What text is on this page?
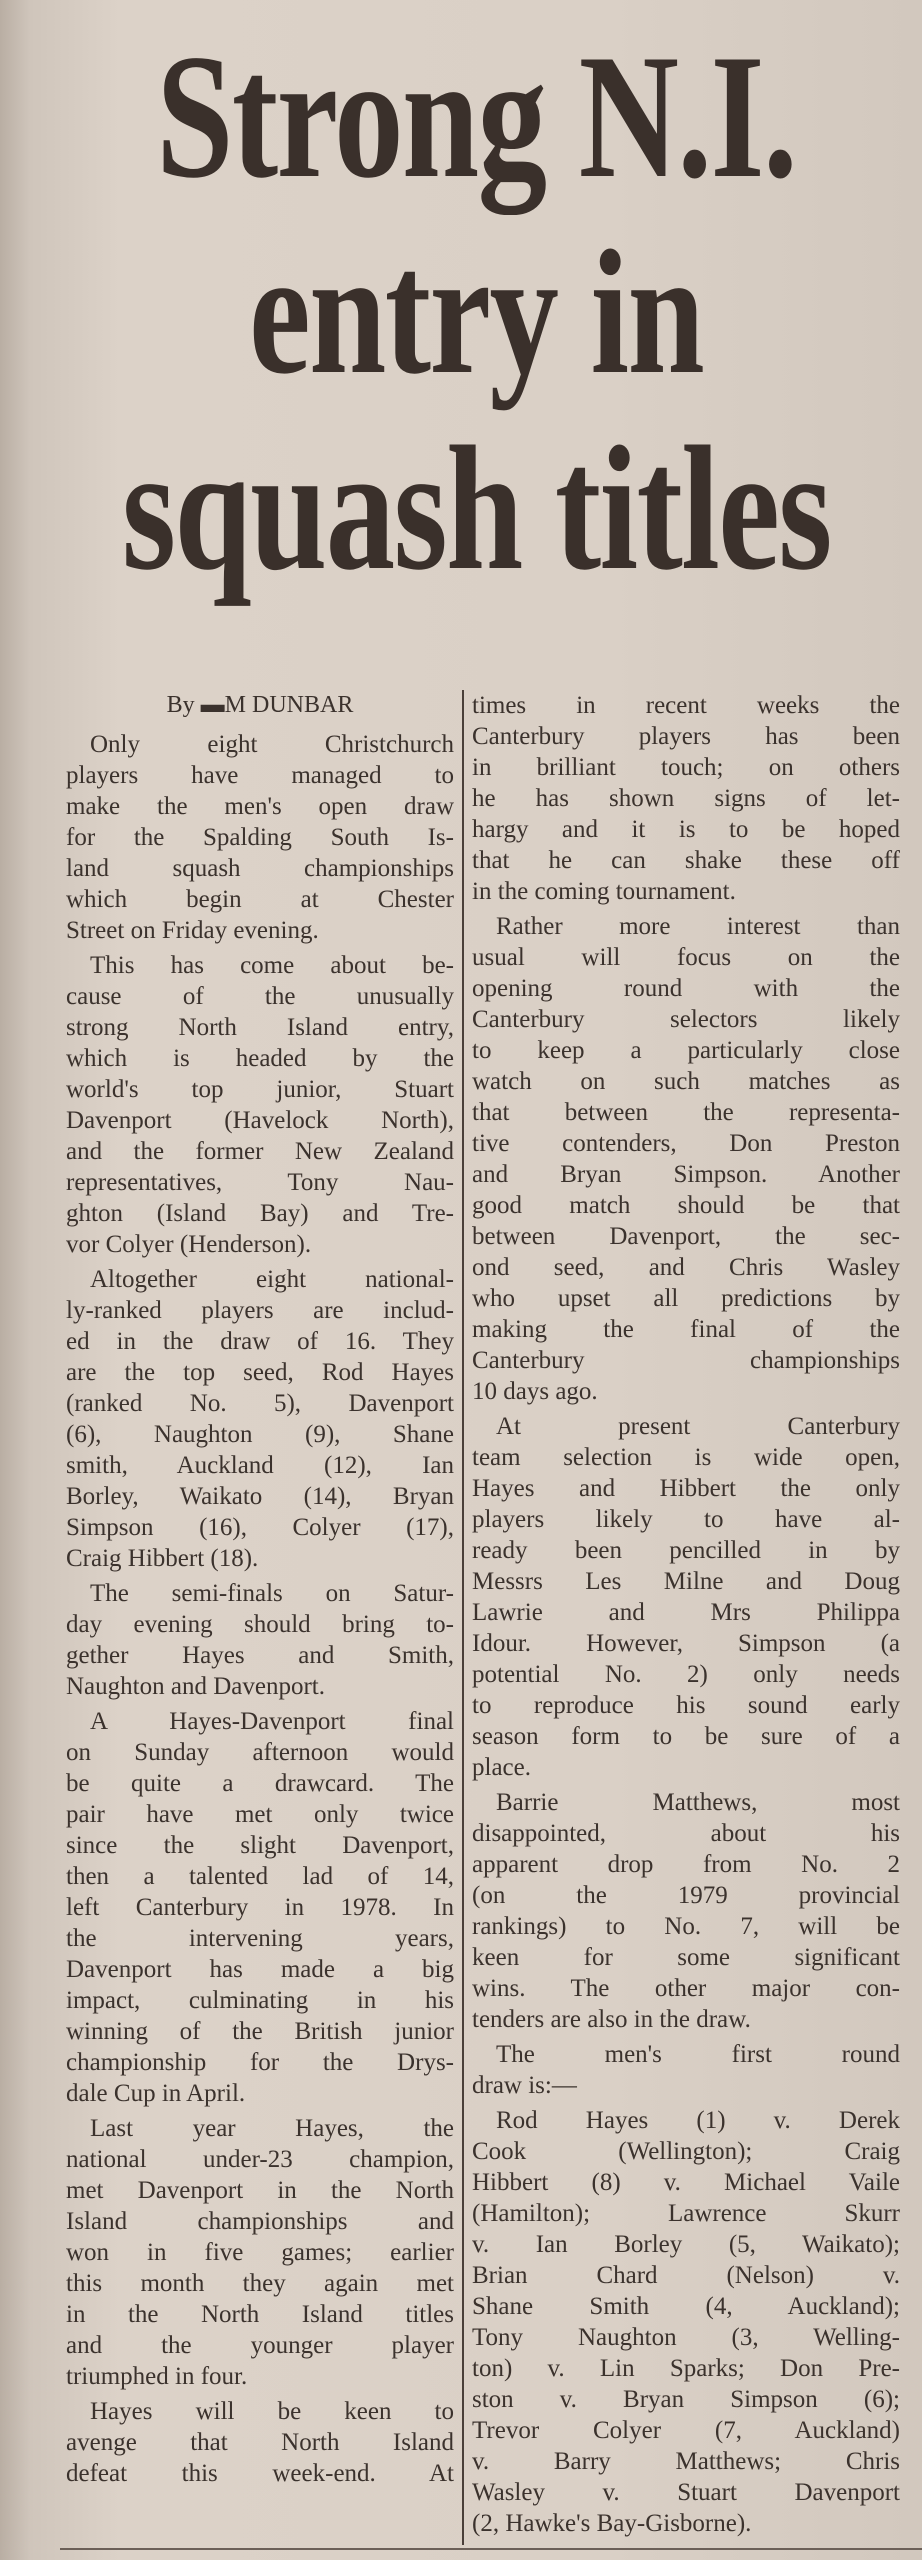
Strong N.I.
entry in
squash titles
By ▬M DUNBAR
Only eight Christchurch
players have managed to
make the men's open draw
for the Spalding South Is-
land squash championships
which begin at Chester
Street on Friday evening.
This has come about be-
cause of the unusually
strong North Island entry,
which is headed by the
world's top junior, Stuart
Davenport (Havelock North),
and the former New Zealand
representatives, Tony Nau-
ghton (Island Bay) and Tre-
vor Colyer (Henderson).
Altogether eight national-
ly-ranked players are includ-
ed in the draw of 16. They
are the top seed, Rod Hayes
(ranked No. 5), Davenport
(6), Naughton (9), Shane
smith, Auckland (12), Ian
Borley, Waikato (14), Bryan
Simpson (16), Colyer (17),
Craig Hibbert (18).
The semi-finals on Satur-
day evening should bring to-
gether Hayes and Smith,
Naughton and Davenport.
A Hayes-Davenport final
on Sunday afternoon would
be quite a drawcard. The
pair have met only twice
since the slight Davenport,
then a talented lad of 14,
left Canterbury in 1978. In
the intervening years,
Davenport has made a big
impact, culminating in his
winning of the British junior
championship for the Drys-
dale Cup in April.
Last year Hayes, the
national under-23 champion,
met Davenport in the North
Island championships and
won in five games; earlier
this month they again met
in the North Island titles
and the younger player
triumphed in four.
Hayes will be keen to
avenge that North Island
defeat this week-end. At
times in recent weeks the
Canterbury players has been
in brilliant touch; on others
he has shown signs of let-
hargy and it is to be hoped
that he can shake these off
in the coming tournament.
Rather more interest than
usual will focus on the
opening round with the
Canterbury selectors likely
to keep a particularly close
watch on such matches as
that between the representa-
tive contenders, Don Preston
and Bryan Simpson. Another
good match should be that
between Davenport, the sec-
ond seed, and Chris Wasley
who upset all predictions by
making the final of the
Canterbury championships
10 days ago.
At present Canterbury
team selection is wide open,
Hayes and Hibbert the only
players likely to have al-
ready been pencilled in by
Messrs Les Milne and Doug
Lawrie and Mrs Philippa
Idour. However, Simpson (a
potential No. 2) only needs
to reproduce his sound early
season form to be sure of a
place.
Barrie Matthews, most
disappointed, about his
apparent drop from No. 2
(on the 1979 provincial
rankings) to No. 7, will be
keen for some significant
wins. The other major con-
tenders are also in the draw.
The men's first round
draw is:—
Rod Hayes (1) v. Derek
Cook (Wellington); Craig
Hibbert (8) v. Michael Vaile
(Hamilton); Lawrence Skurr
v. Ian Borley (5, Waikato);
Brian Chard (Nelson) v.
Shane Smith (4, Auckland);
Tony Naughton (3, Welling-
ton) v. Lin Sparks; Don Pre-
ston v. Bryan Simpson (6);
Trevor Colyer (7, Auckland)
v. Barry Matthews; Chris
Wasley v. Stuart Davenport
(2, Hawke's Bay-Gisborne).
